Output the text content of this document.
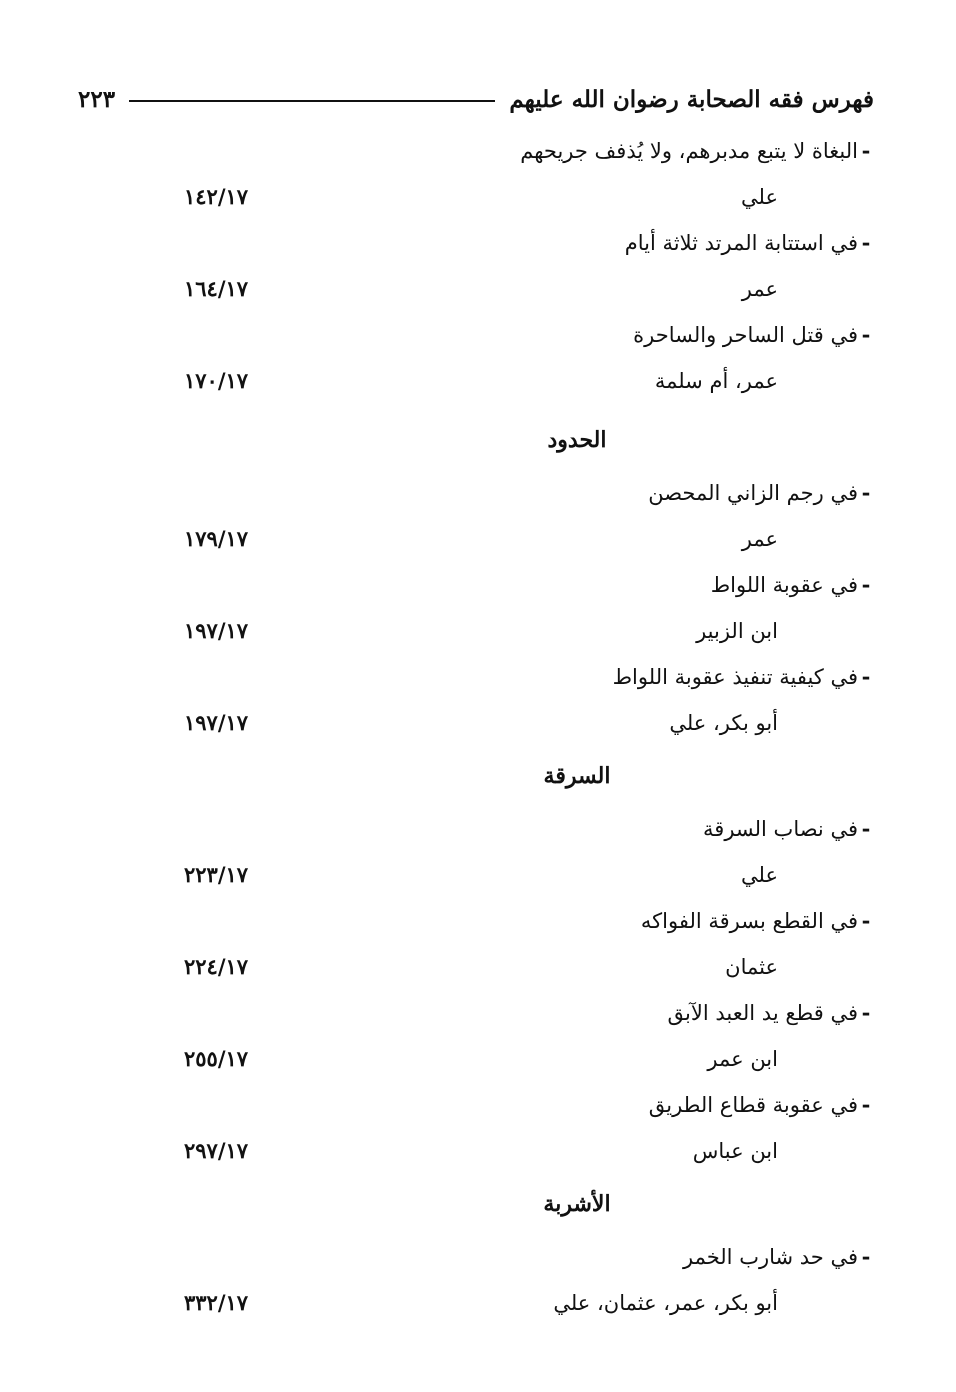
فهرس فقه الصحابة رضوان الله عليهم
٢٢٣
-
البغاة لا يتبع مدبرهم، ولا يُذفف جريحهم
علي
١٤٢/١٧
-
في استتابة المرتد ثلاثة أيام
عمر
١٦٤/١٧
-
في قتل الساحر والساحرة
عمر، أم سلمة
١٧٠/١٧
الحدود
-
في رجم الزاني المحصن
عمر
١٧٩/١٧
-
في عقوبة اللواط
ابن الزبير
١٩٧/١٧
-
في كيفية تنفيذ عقوبة اللواط
أبو بكر، علي
١٩٧/١٧
السرقة
-
في نصاب السرقة
علي
٢٢٣/١٧
-
في القطع بسرقة الفواكه
عثمان
٢٢٤/١٧
-
في قطع يد العبد الآبق
ابن عمر
٢٥٥/١٧
-
في عقوبة قطاع الطريق
ابن عباس
٢٩٧/١٧
الأشربة
-
في حد شارب الخمر
أبو بكر، عمر، عثمان، علي
٣٣٢/١٧
